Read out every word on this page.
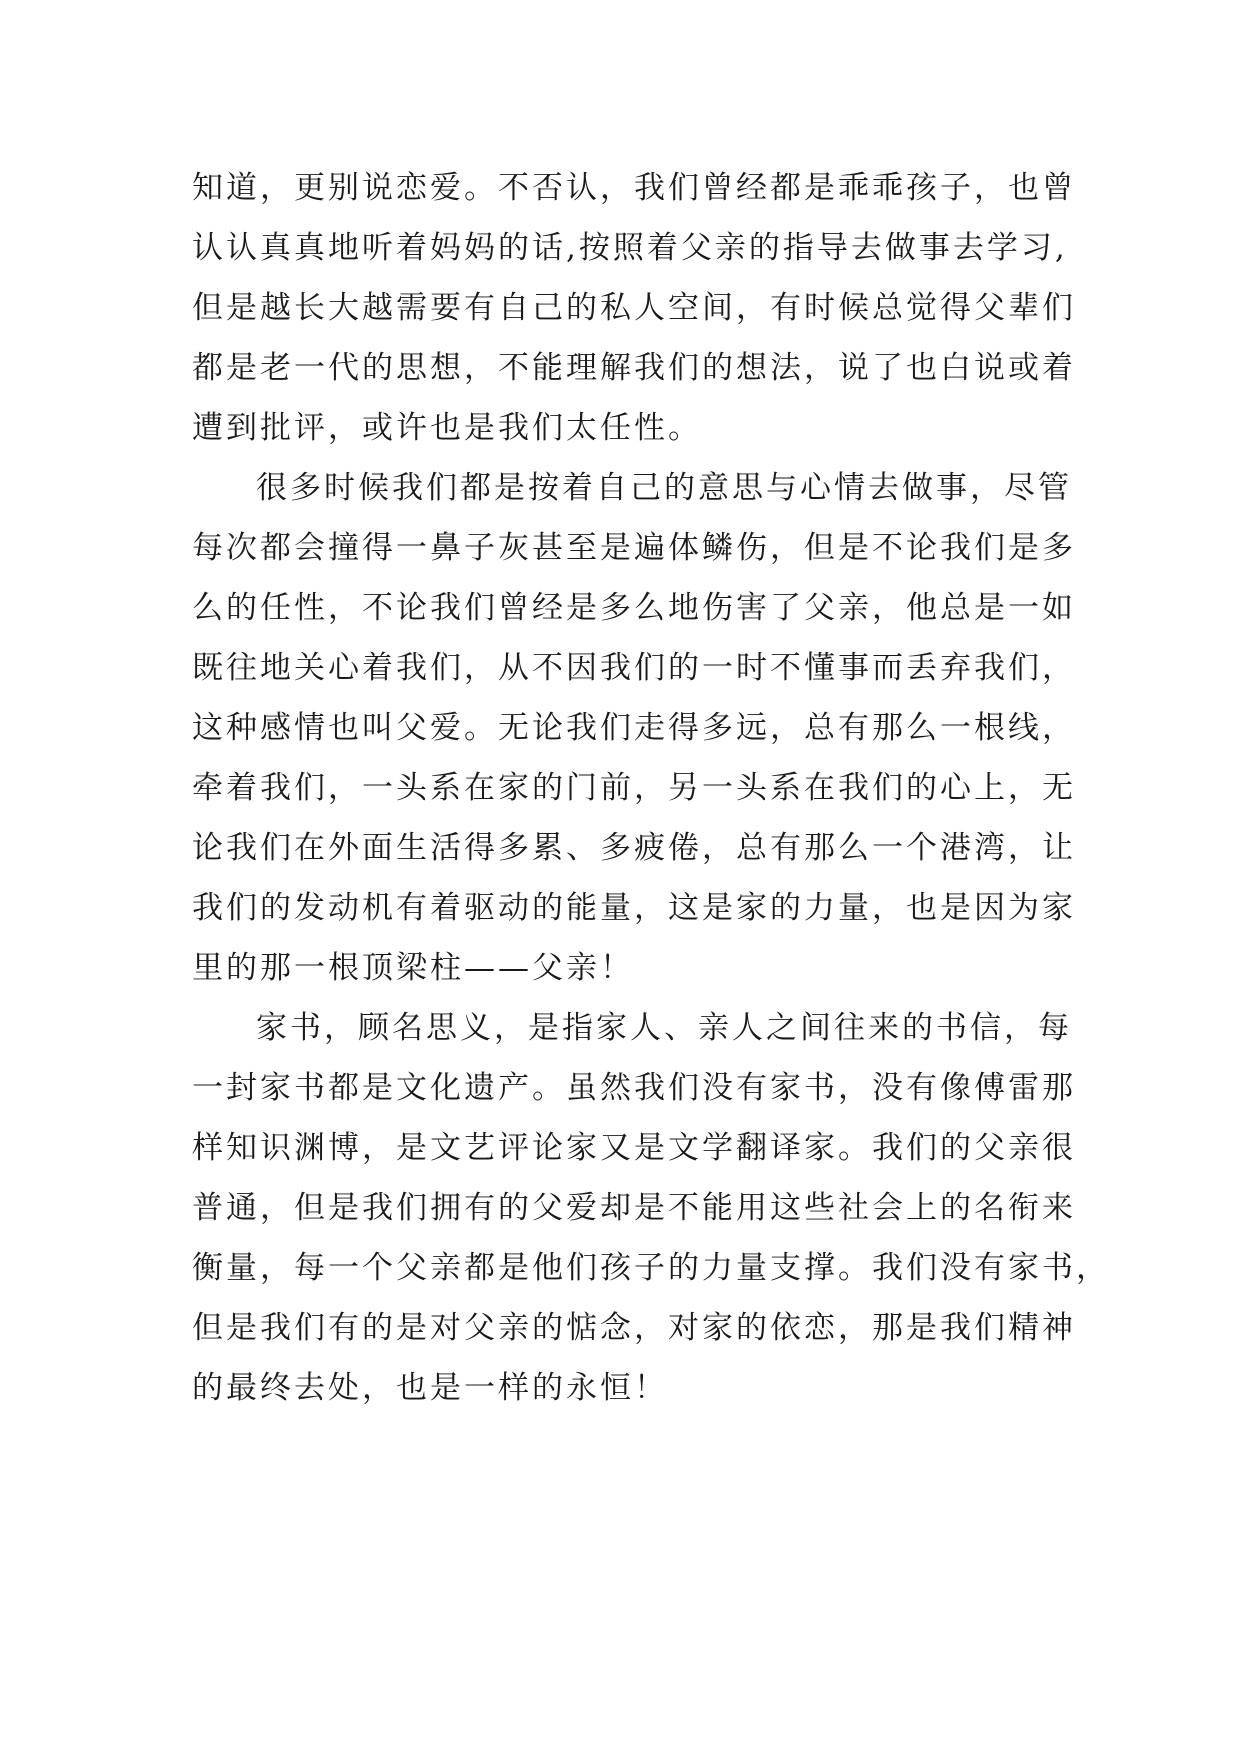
知道，更别说恋爱。不否认，我们曾经都是乖乖孩子，也曾
认认真真地听着妈妈的话,按照着父亲的指导去做事去学习,
但是越长大越需要有自己的私人空间，有时候总觉得父辈们
都是老一代的思想，不能理解我们的想法，说了也白说或着
遭到批评，或许也是我们太任性。
很多时候我们都是按着自己的意思与心情去做事，尽管
每次都会撞得一鼻子灰甚至是遍体鳞伤，但是不论我们是多
么的任性，不论我们曾经是多么地伤害了父亲，他总是一如
既往地关心着我们，从不因我们的一时不懂事而丢弃我们，
这种感情也叫父爱。无论我们走得多远，总有那么一根线，
牵着我们，一头系在家的门前，另一头系在我们的心上，无
论我们在外面生活得多累、多疲倦，总有那么一个港湾，让
我们的发动机有着驱动的能量，这是家的力量，也是因为家
里的那一根顶梁柱——父亲！
家书，顾名思义，是指家人、亲人之间往来的书信，每
一封家书都是文化遗产。虽然我们没有家书，没有像傅雷那
样知识渊博，是文艺评论家又是文学翻译家。我们的父亲很
普通，但是我们拥有的父爱却是不能用这些社会上的名衔来
衡量，每一个父亲都是他们孩子的力量支撑。我们没有家书，
但是我们有的是对父亲的惦念，对家的依恋，那是我们精神
的最终去处，也是一样的永恒！
